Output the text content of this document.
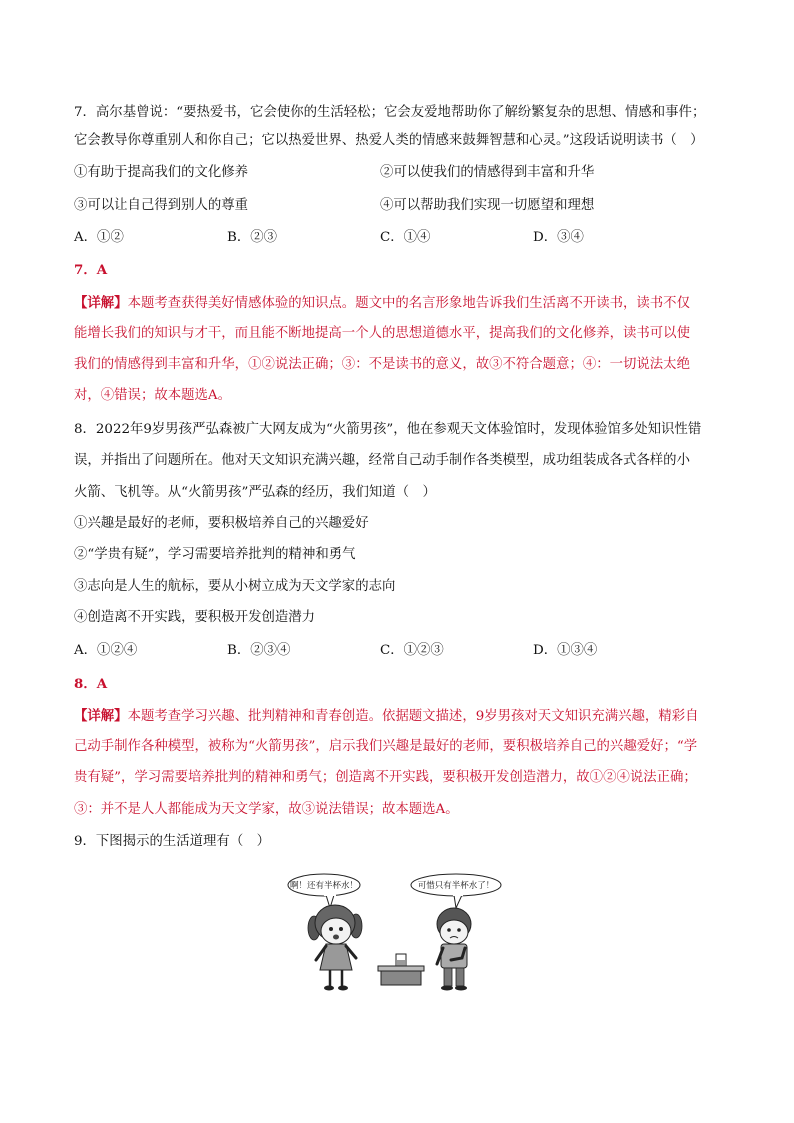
7．高尔基曾说：“要热爱书，它会使你的生活轻松；它会友爱地帮助你了解纷繁复杂的思想、情感和事件；
它会教导你尊重别人和你自己；它以热爱世界、热爱人类的情感来鼓舞智慧和心灵。”这段话说明读书（　）
①有助于提高我们的文化修养	②可以使我们的情感得到丰富和升华
③可以让自己得到别人的尊重	④可以帮助我们实现一切愿望和理想
A．①②	B．②③	C．①④	D．③④
7．A
【详解】本题考查获得美好情感体验的知识点。题文中的名言形象地告诉我们生活离不开读书，读书不仅
能增长我们的知识与才干，而且能不断地提高一个人的思想道德水平，提高我们的文化修养，读书可以使
我们的情感得到丰富和升华，①②说法正确；③：不是读书的意义，故③不符合题意；④：一切说法太绝
对，④错误；故本题选A。
8．2022年9岁男孩严弘森被广大网友成为“火箭男孩”，他在参观天文体验馆时，发现体验馆多处知识性错
误，并指出了问题所在。他对天文知识充满兴趣，经常自己动手制作各类模型，成功组装成各式各样的小
火箭、飞机等。从“火箭男孩”严弘森的经历，我们知道（　）
①兴趣是最好的老师，要积极培养自己的兴趣爱好
②“学贵有疑”，学习需要培养批判的精神和勇气
③志向是人生的航标，要从小树立成为天文学家的志向
④创造离不开实践，要积极开发创造潜力
A．①②④	B．②③④	C．①②③	D．①③④
8．A
【详解】本题考查学习兴趣、批判精神和青春创造。依据题文描述，9岁男孩对天文知识充满兴趣，精彩自
己动手制作各种模型，被称为“火箭男孩”，启示我们兴趣是最好的老师，要积极培养自己的兴趣爱好；“学
贵有疑”，学习需要培养批判的精神和勇气；创造离不开实践，要积极开发创造潜力，故①②④说法正确；
③：并不是人人都能成为天文学家，故③说法错误；故本题选A。
9．下图揭示的生活道理有（　）
啊！还有半杯水！	可惜只有半杯水了！
